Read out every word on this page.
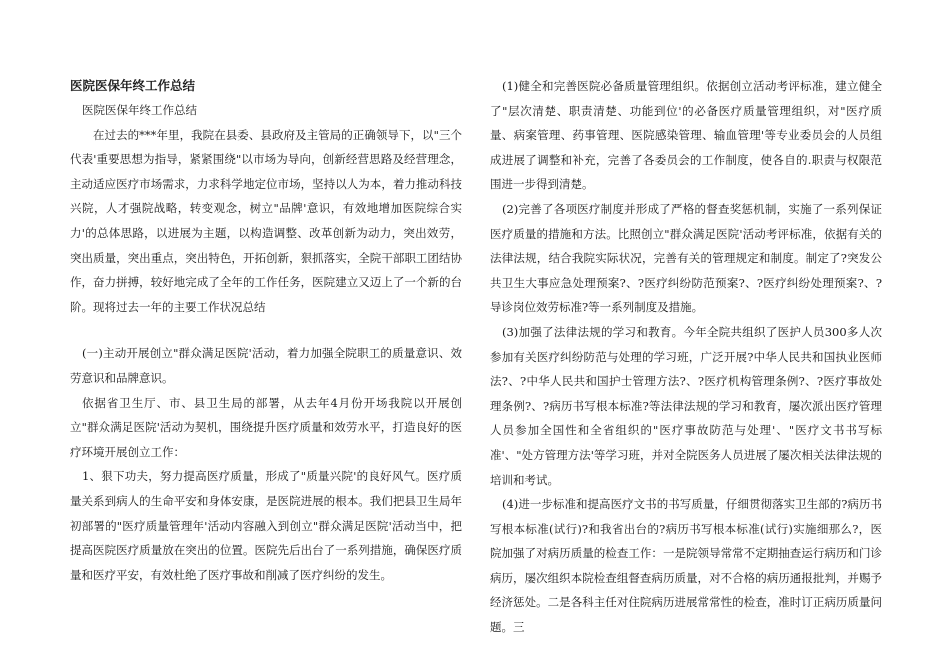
医院医保年终工作总结
医院医保年终工作总结

在过去的***年里，我院在县委、县政府及主管局的正确领导下，以"三个代表'重要思想为指导，紧紧围绕"以市场为导向，创新经营思路及经营理念，主动适应医疗市场需求，力求科学地定位市场，坚持以人为本，着力推动科技兴院，人才强院战略，转变观念，树立"品牌'意识，有效地增加医院综合实力'的总体思路，以进展为主题，以构造调整、改革创新为动力，突出效劳，突出质量，突出重点，突出特色，开拓创新，狠抓落实，全院干部职工团结协作，奋力拼搏，较好地完成了全年的工作任务，医院建立又迈上了一个新的台阶。现将过去一年的主要工作状况总结

(一)主动开展创立"群众满足医院'活动，着力加强全院职工的质量意识、效劳意识和品牌意识。

依据省卫生厅、市、县卫生局的部署，从去年4月份开场我院以开展创立"群众满足医院'活动为契机，围绕提升医疗质量和效劳水平，打造良好的医疗环境开展创立工作：

1、狠下功夫，努力提高医疗质量，形成了"质量兴院'的良好风气。医疗质量关系到病人的生命平安和身体安康，是医院进展的根本。我们把县卫生局年初部署的"医疗质量管理年'活动内容融入到创立"群众满足医院'活动当中，把提高医院医疗质量放在突出的位置。医院先后出台了一系列措施，确保医疗质量和医疗平安，有效杜绝了医疗事故和削减了医疗纠纷的发生。

(1)健全和完善医院必备质量管理组织。依据创立活动考评标准，建立健全了"层次清楚、职责清楚、功能到位'的必备医疗质量管理组织，对"医疗质量、病案管理、药事管理、医院感染管理、输血管理'等专业委员会的人员组成进展了调整和补充，完善了各委员会的工作制度，使各自的.职责与权限范围进一步得到清楚。

(2)完善了各项医疗制度并形成了严格的督查奖惩机制，实施了一系列保证医疗质量的措施和方法。比照创立"群众满足医院'活动考评标准，依据有关的法律法规，结合我院实际状况，完善有关的管理规定和制度。制定了?突发公共卫生大事应急处理预案?、?医疗纠纷防范预案?、?医疗纠纷处理预案?、?导诊岗位效劳标准?等一系列制度及措施。

(3)加强了法律法规的学习和教育。今年全院共组织了医护人员300多人次参加有关医疗纠纷防范与处理的学习班，广泛开展?中华人民共和国执业医师法?、?中华人民共和国护士管理方法?、?医疗机构管理条例?、?医疗事故处理条例?、?病历书写根本标准?等法律法规的学习和教育，屡次派出医疗管理人员参加全国性和全省组织的"医疗事故防范与处理'、"医疗文书书写标准'、"处方管理方法'等学习班，并对全院医务人员进展了屡次相关法律法规的培训和考试。

(4)进一步标准和提高医疗文书的书写质量，仔细贯彻落实卫生部的?病历书写根本标准(试行)?和我省出台的?病历书写根本标准(试行)实施细那么?，医院加强了对病历质量的检查工作：一是院领导常常不定期抽查运行病历和门诊病历，屡次组织本院检查组督查病历质量，对不合格的病历通报批判，并赐予经济惩处。二是各科主任对住院病历进展常常性的检查，准时订正病历质量问题。三
